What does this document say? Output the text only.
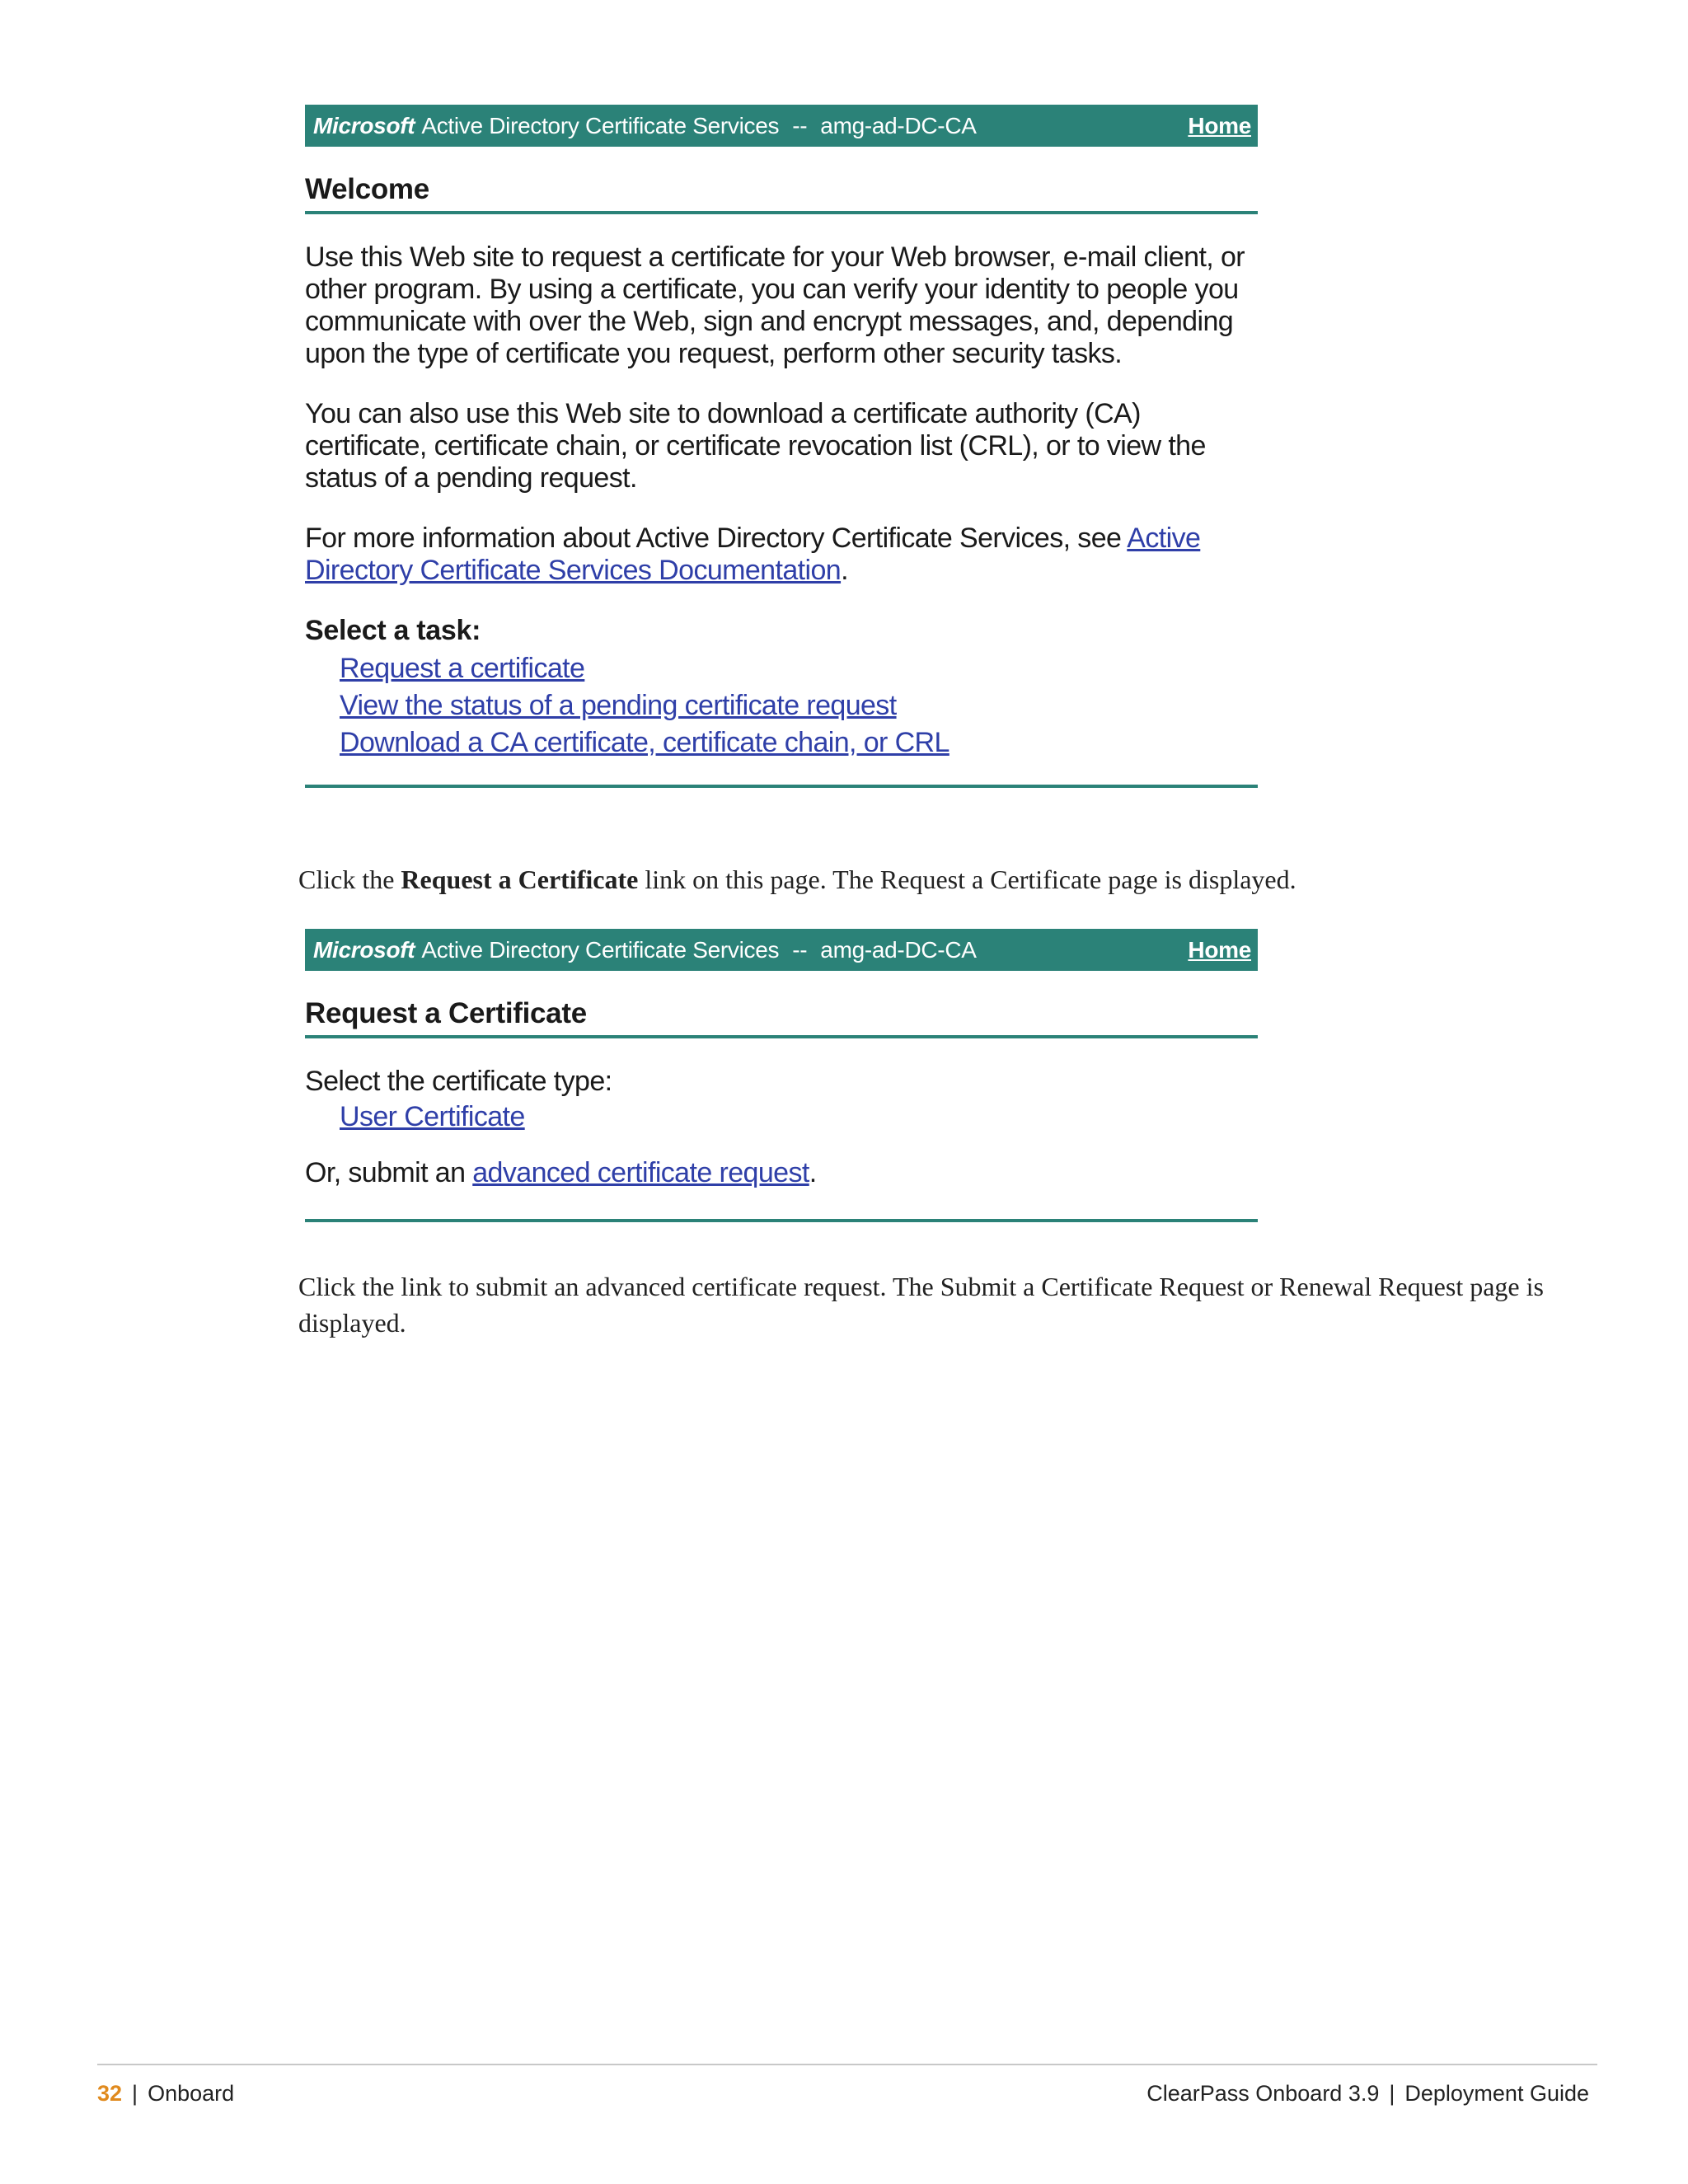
Microsoft Active Directory Certificate Services -- amg-ad-DC-CA	Home
Welcome

Use this Web site to request a certificate for your Web browser, e-mail client, or other program. By using a certificate, you can verify your identity to people you communicate with over the Web, sign and encrypt messages, and, depending upon the type of certificate you request, perform other security tasks.

You can also use this Web site to download a certificate authority (CA) certificate, certificate chain, or certificate revocation list (CRL), or to view the status of a pending request.

For more information about Active Directory Certificate Services, see Active Directory Certificate Services Documentation.

Select a task:
Request a certificate
View the status of a pending certificate request
Download a CA certificate, certificate chain, or CRL

Click the Request a Certificate link on this page. The Request a Certificate page is displayed.

Microsoft Active Directory Certificate Services -- amg-ad-DC-CA	Home
Request a Certificate
Select the certificate type:
User Certificate
Or, submit an advanced certificate request.

Click the link to submit an advanced certificate request. The Submit a Certificate Request or Renewal Request page is displayed.

32 | Onboard	ClearPass Onboard 3.9 | Deployment Guide
